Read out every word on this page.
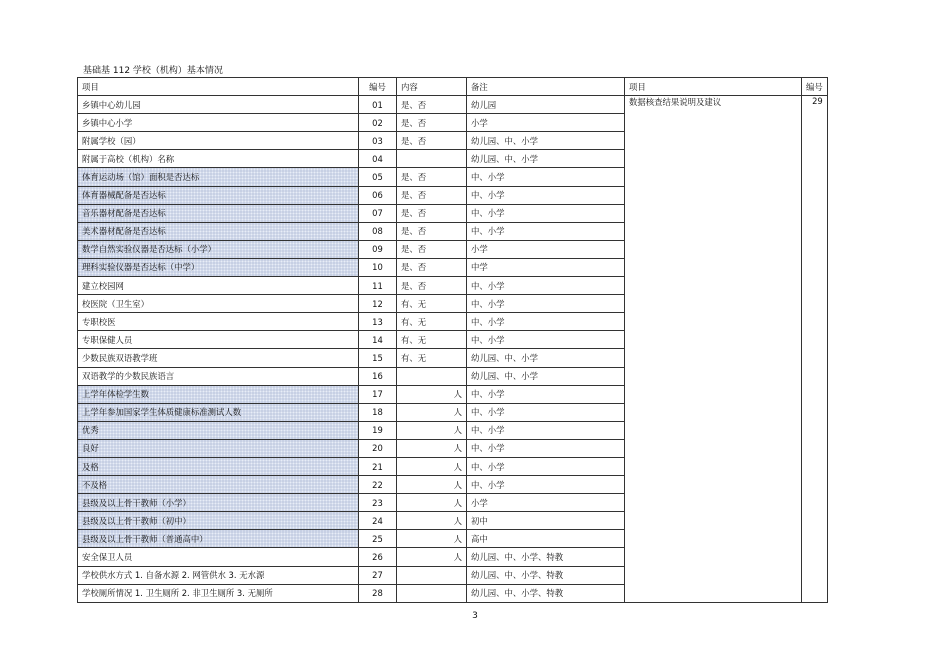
基础基 112 学校（机构）基本情况
项目	编号	内容	备注	项目	编号
乡镇中心幼儿园	01	是、否	幼儿园	数据核查结果说明及建议	29
乡镇中心小学	02	是、否	小学		
附属学校（园）	03	是、否	幼儿园、中、小学		
附属于高校（机构）名称	04		幼儿园、中、小学		
体育运动场（馆）面积是否达标	05	是、否	中、小学		
体育器械配备是否达标	06	是、否	中、小学		
音乐器材配备是否达标	07	是、否	中、小学		
美术器材配备是否达标	08	是、否	中、小学		
数学自然实验仪器是否达标（小学）	09	是、否	小学		
理科实验仪器是否达标（中学）	10	是、否	中学		
建立校园网	11	是、否	中、小学		
校医院（卫生室）	12	有、无	中、小学		
专职校医	13	有、无	中、小学		
专职保健人员	14	有、无	中、小学		
少数民族双语教学班	15	有、无	幼儿园、中、小学		
双语教学的少数民族语言	16		幼儿园、中、小学		
上学年体检学生数	17	人	中、小学		
上学年参加国家学生体质健康标准测试人数	18	人	中、小学		
优秀	19	人	中、小学		
良好	20	人	中、小学		
及格	21	人	中、小学		
不及格	22	人	中、小学		
县级及以上骨干教师（小学）	23	人	小学		
县级及以上骨干教师（初中）	24	人	初中		
县级及以上骨干教师（普通高中）	25	人	高中		
安全保卫人员	26	人	幼儿园、中、小学、特教		
学校供水方式 1. 自备水源 2. 网管供水 3. 无水源	27		幼儿园、中、小学、特教		
学校厕所情况 1. 卫生厕所 2. 非卫生厕所 3. 无厕所	28		幼儿园、中、小学、特教		
3
